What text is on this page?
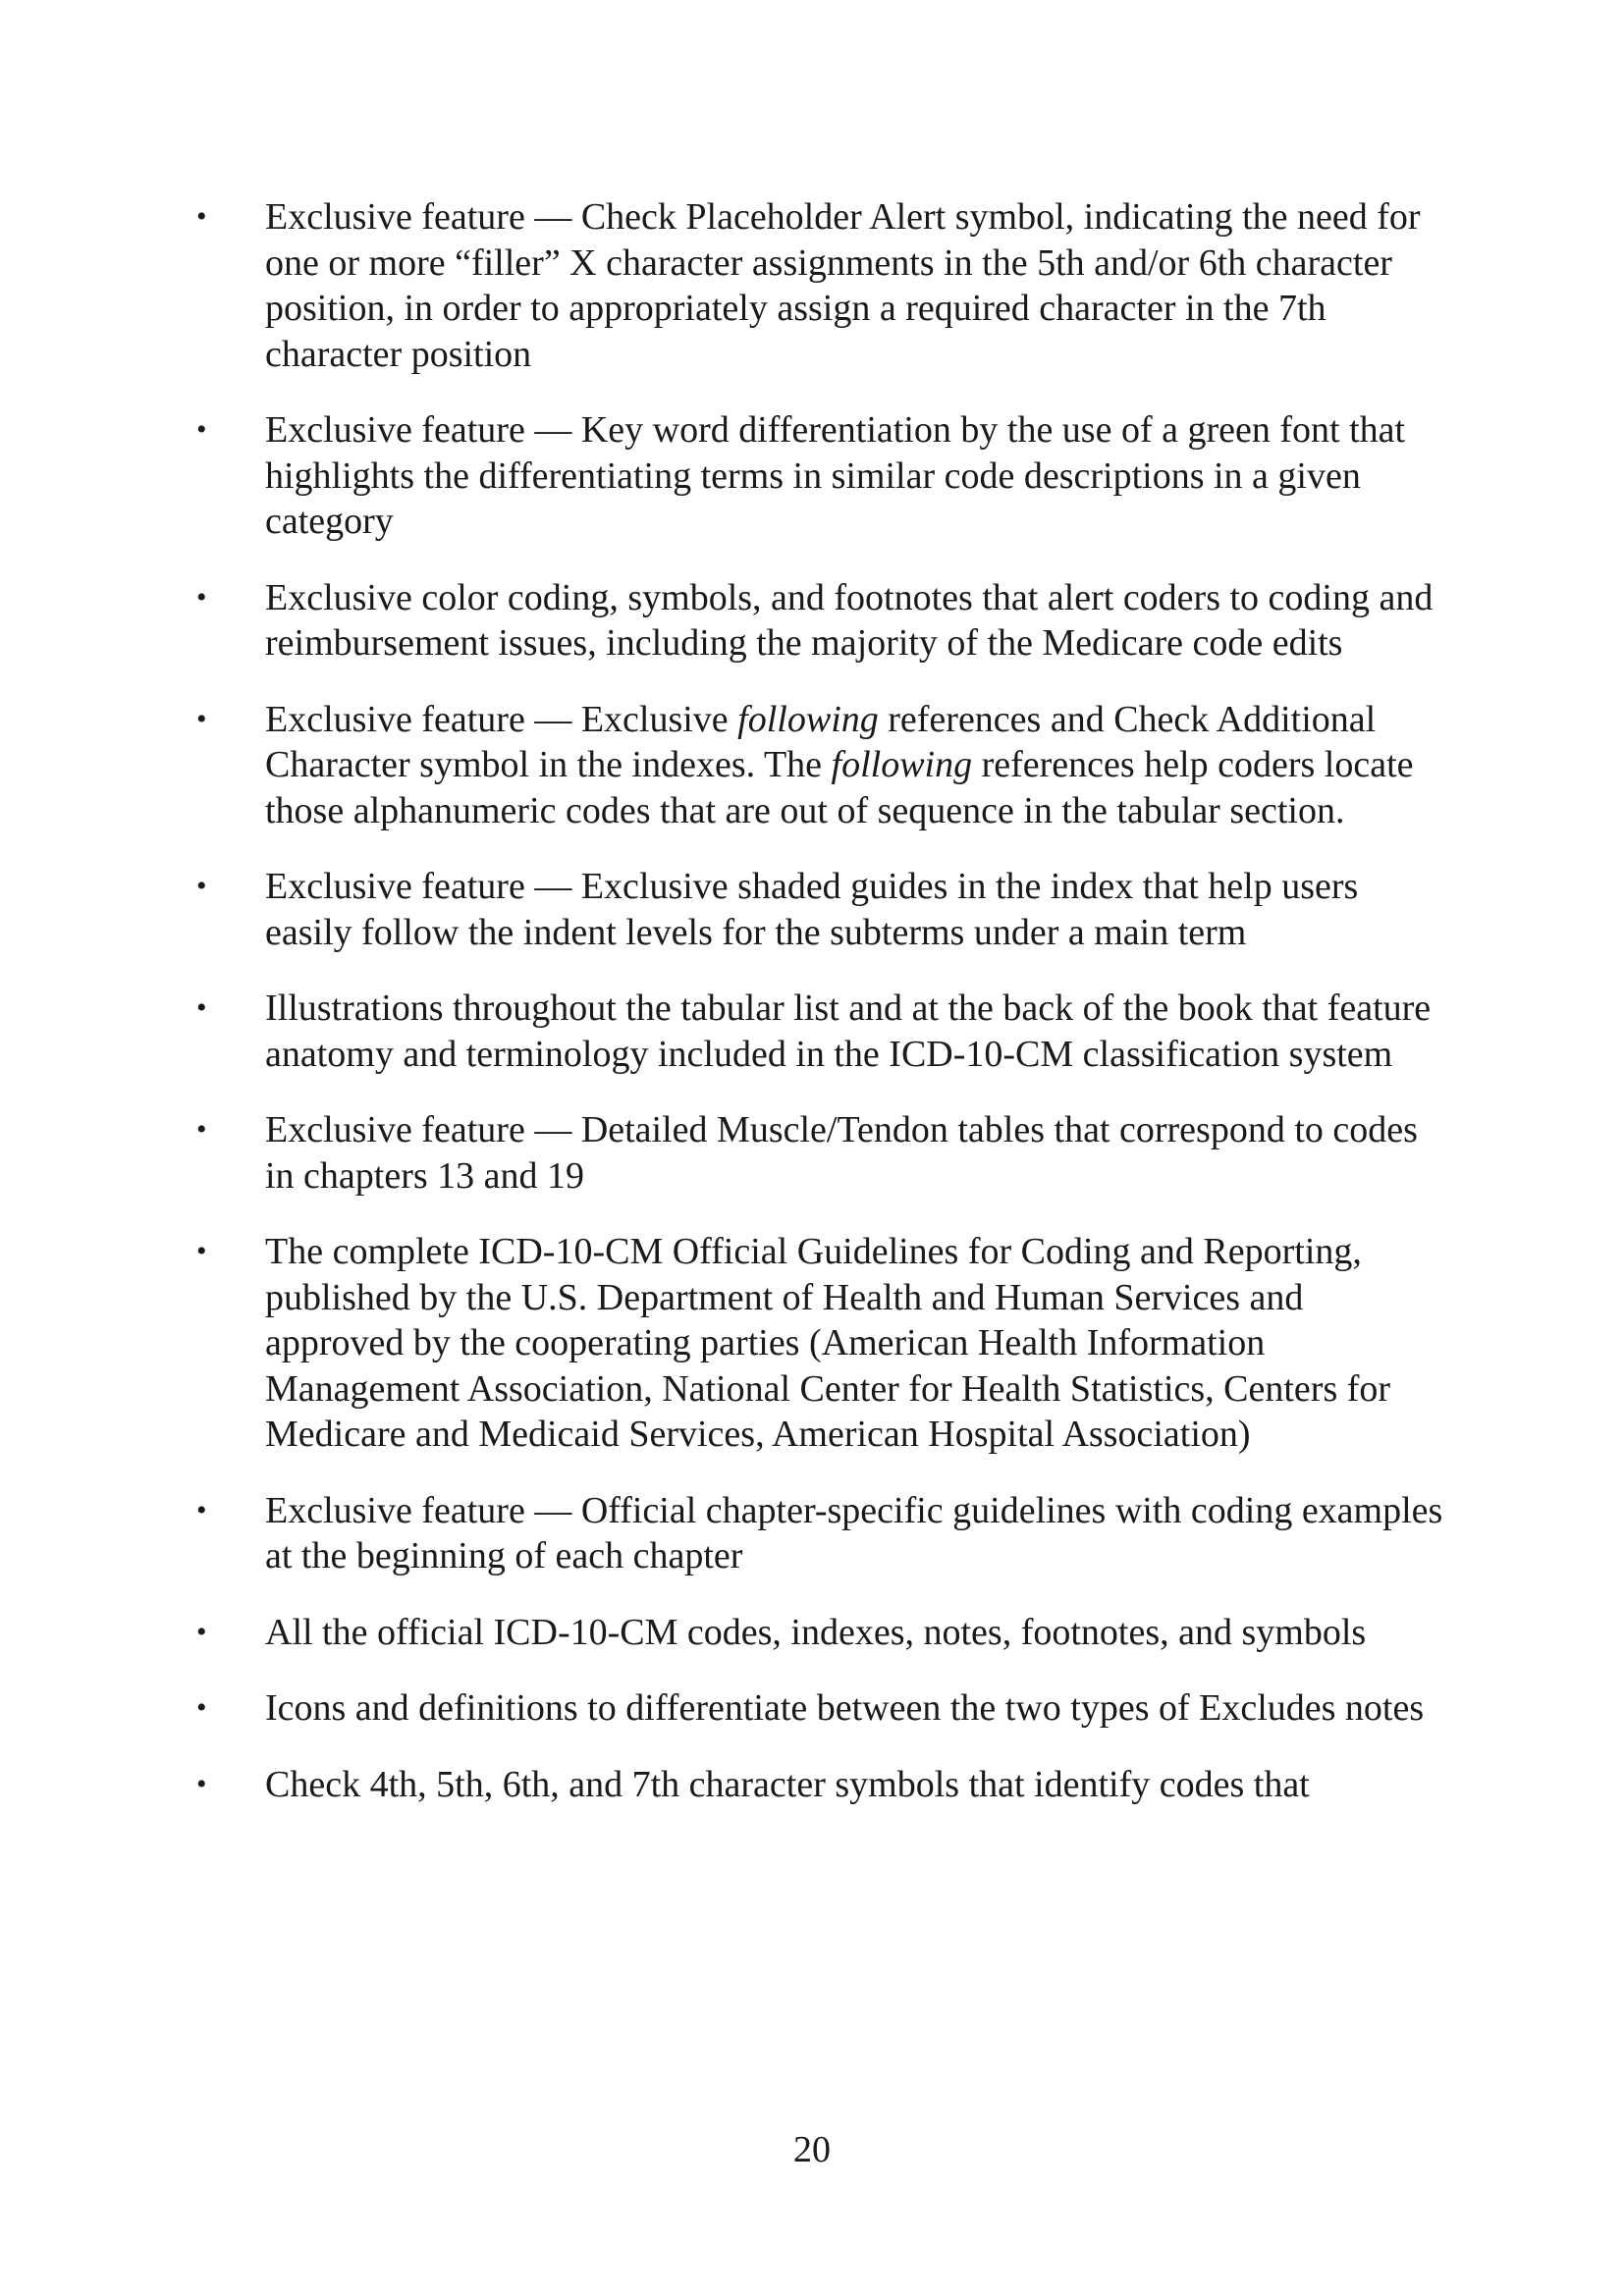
• Exclusive feature — Check Placeholder Alert symbol, indicating the need for one or more “filler” X character assignments in the 5th and/or 6th character position, in order to appropriately assign a required character in the 7th character position
• Exclusive feature — Key word differentiation by the use of a green font that highlights the differentiating terms in similar code descriptions in a given category
• Exclusive color coding, symbols, and footnotes that alert coders to coding and reimbursement issues, including the majority of the Medicare code edits
• Exclusive feature — Exclusive following references and Check Additional Character symbol in the indexes. The following references help coders locate those alphanumeric codes that are out of sequence in the tabular section.
• Exclusive feature — Exclusive shaded guides in the index that help users easily follow the indent levels for the subterms under a main term
• Illustrations throughout the tabular list and at the back of the book that feature anatomy and terminology included in the ICD-10-CM classification system
• Exclusive feature — Detailed Muscle/Tendon tables that correspond to codes in chapters 13 and 19
• The complete ICD-10-CM Official Guidelines for Coding and Reporting, published by the U.S. Department of Health and Human Services and approved by the cooperating parties (American Health Information Management Association, National Center for Health Statistics, Centers for Medicare and Medicaid Services, American Hospital Association)
• Exclusive feature — Official chapter-specific guidelines with coding examples at the beginning of each chapter
• All the official ICD-10-CM codes, indexes, notes, footnotes, and symbols
• Icons and definitions to differentiate between the two types of Excludes notes
• Check 4th, 5th, 6th, and 7th character symbols that identify codes that
20
